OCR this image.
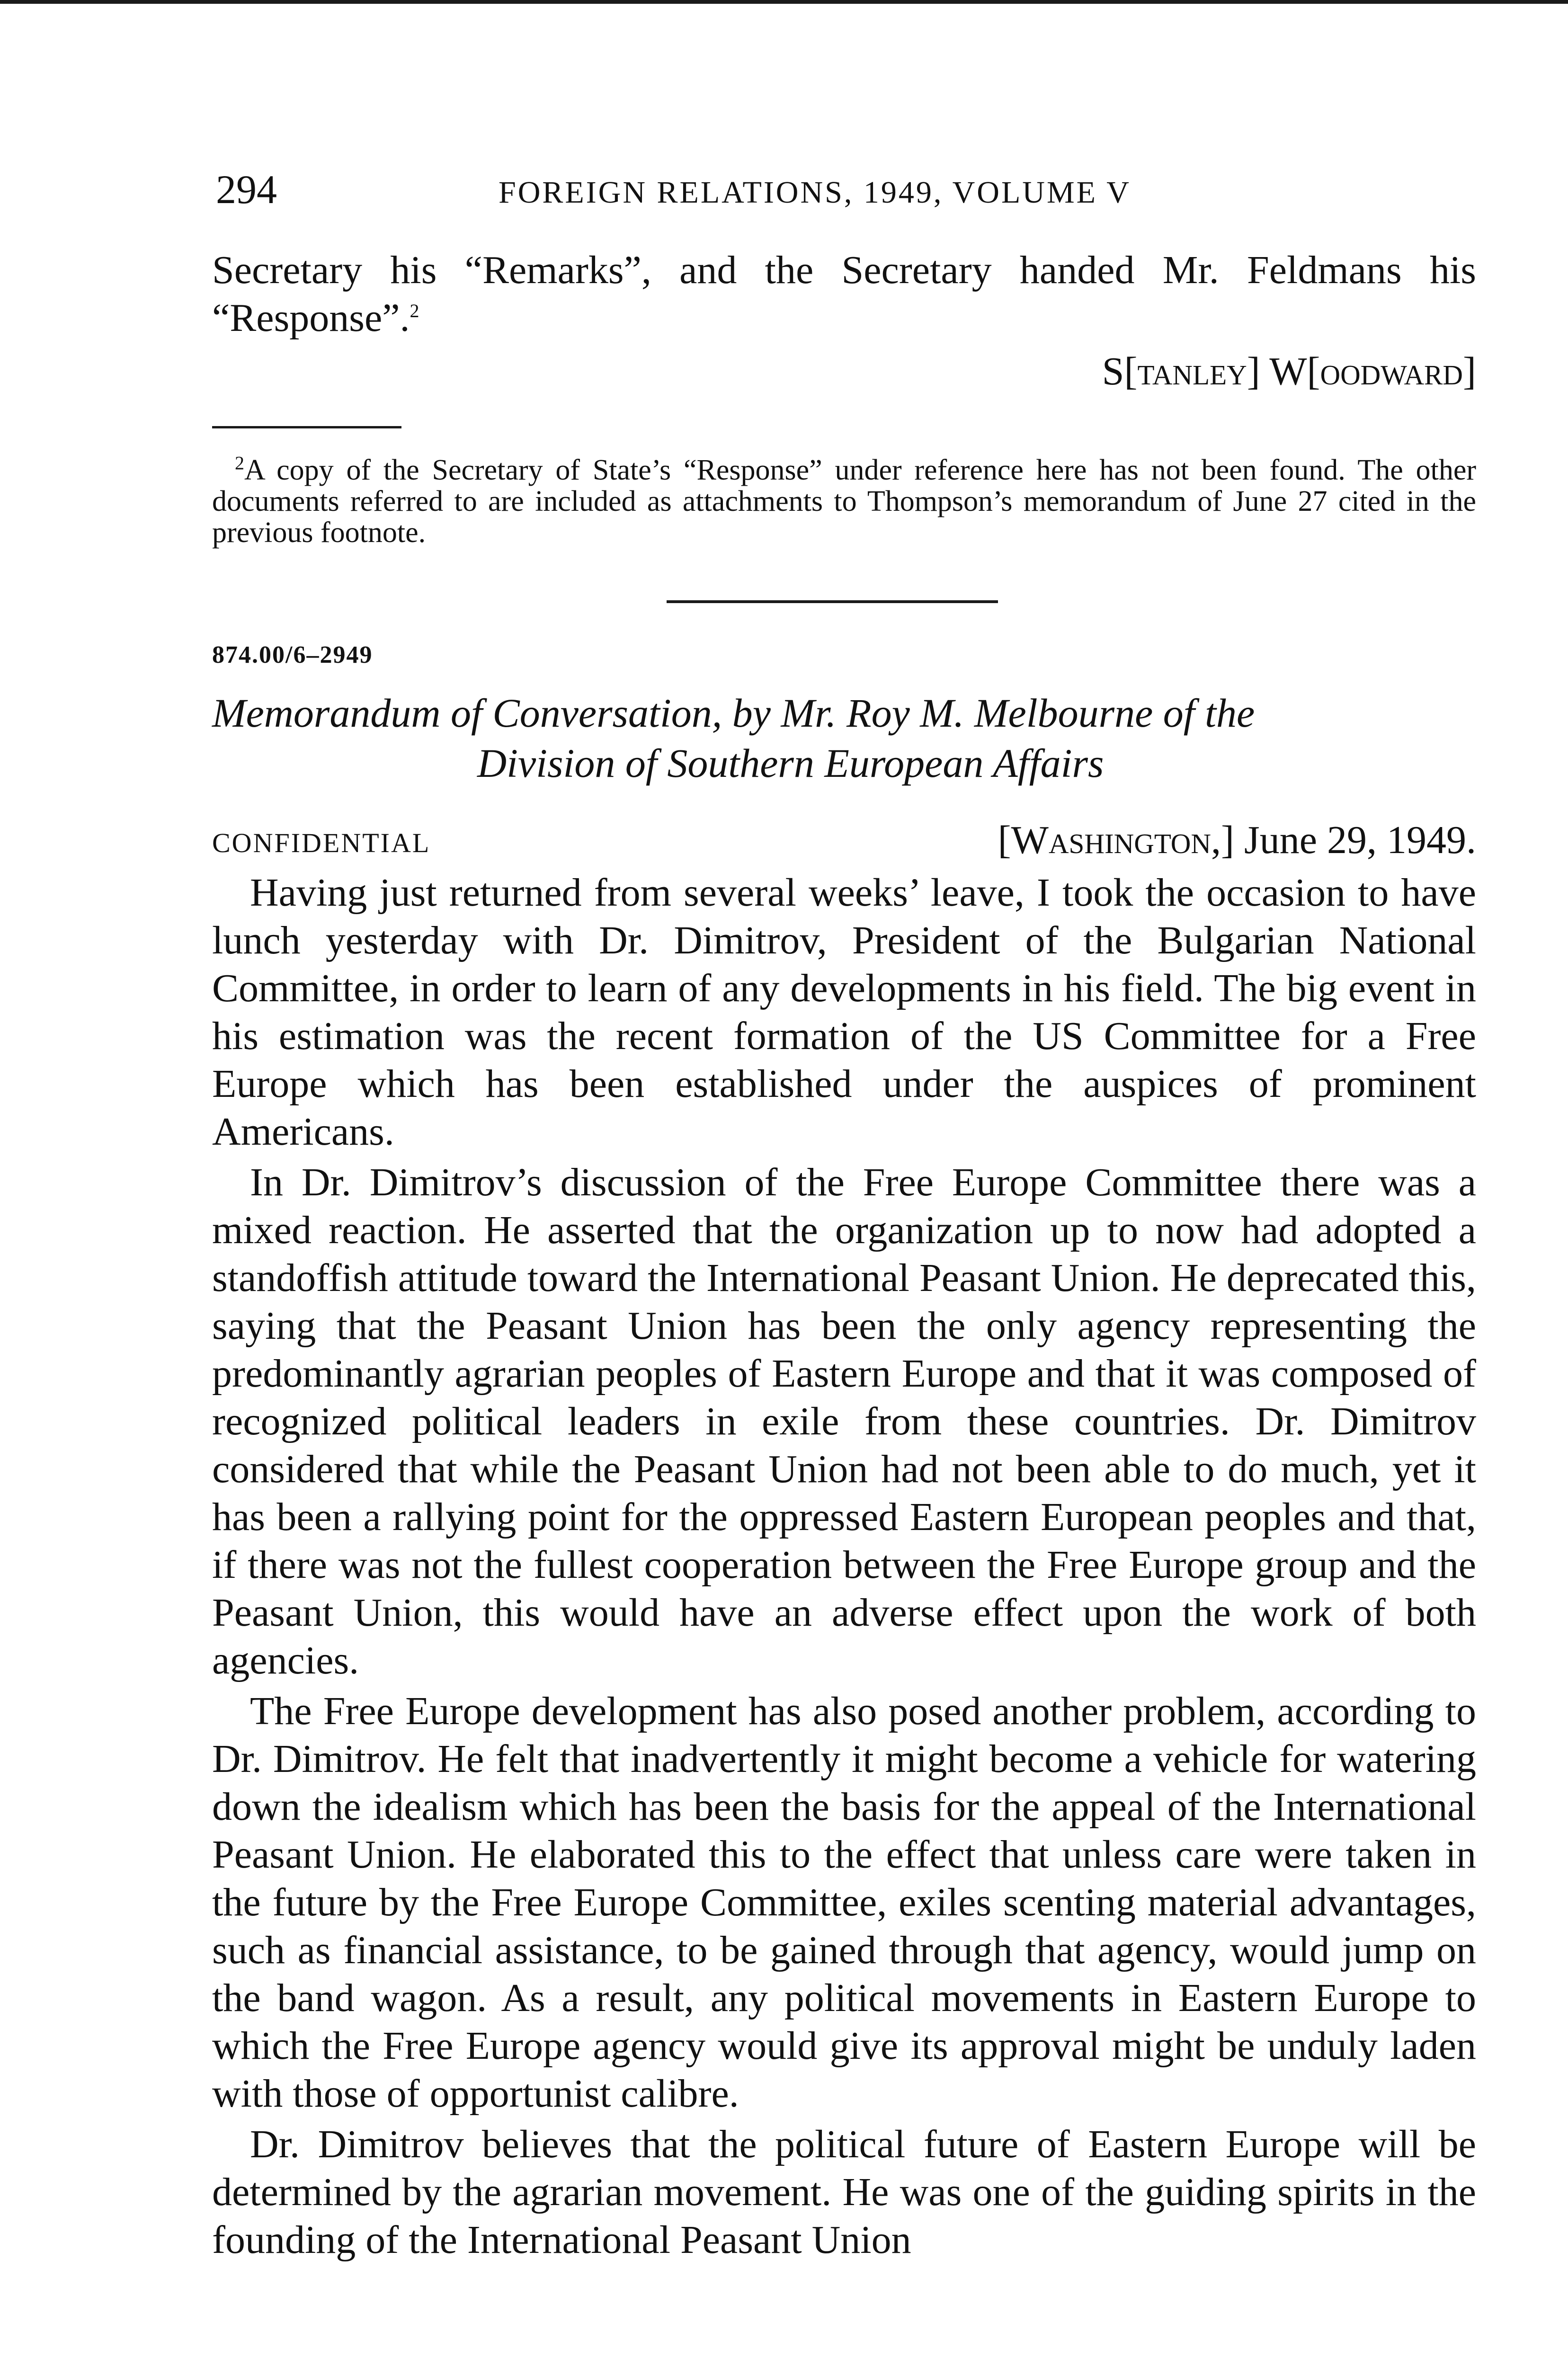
294	FOREIGN RELATIONS, 1949, VOLUME V

Secretary his “Remarks”, and the Secretary handed Mr. Feldmans his “Response”.$^2$

S[tanley] W[oodward]

$^2$A copy of the Secretary of State’s “Response” under reference here has not been found. The other documents referred to are included as attachments to Thompson’s memorandum of June 27 cited in the previous footnote.

874.00/6–2949
Memorandum of Conversation, by Mr. Roy M. Melbourne of the
Division of Southern European Affairs
CONFIDENTIAL	[Washington,] June 29, 1949.

Having just returned from several weeks’ leave, I took the occasion to have lunch yesterday with Dr. Dimitrov, President of the Bulgarian National Committee, in order to learn of any developments in his field. The big event in his estimation was the recent formation of the US Committee for a Free Europe which has been established under the auspices of prominent Americans.

In Dr. Dimitrov’s discussion of the Free Europe Committee there was a mixed reaction. He asserted that the organization up to now had adopted a standoffish attitude toward the International Peasant Union. He deprecated this, saying that the Peasant Union has been the only agency representing the predominantly agrarian peoples of Eastern Europe and that it was composed of recognized political leaders in exile from these countries. Dr. Dimitrov considered that while the Peasant Union had not been able to do much, yet it has been a rallying point for the oppressed Eastern European peoples and that, if there was not the fullest cooperation between the Free Europe group and the Peasant Union, this would have an adverse effect upon the work of both agencies.

The Free Europe development has also posed another problem, according to Dr. Dimitrov. He felt that inadvertently it might become a vehicle for watering down the idealism which has been the basis for the appeal of the International Peasant Union. He elaborated this to the effect that unless care were taken in the future by the Free Europe Committee, exiles scenting material advantages, such as financial assistance, to be gained through that agency, would jump on the band wagon. As a result, any political movements in Eastern Europe to which the Free Europe agency would give its approval might be unduly laden with those of opportunist calibre.

Dr. Dimitrov believes that the political future of Eastern Europe will be determined by the agrarian movement. He was one of the guiding spirits in the founding of the International Peasant Union
